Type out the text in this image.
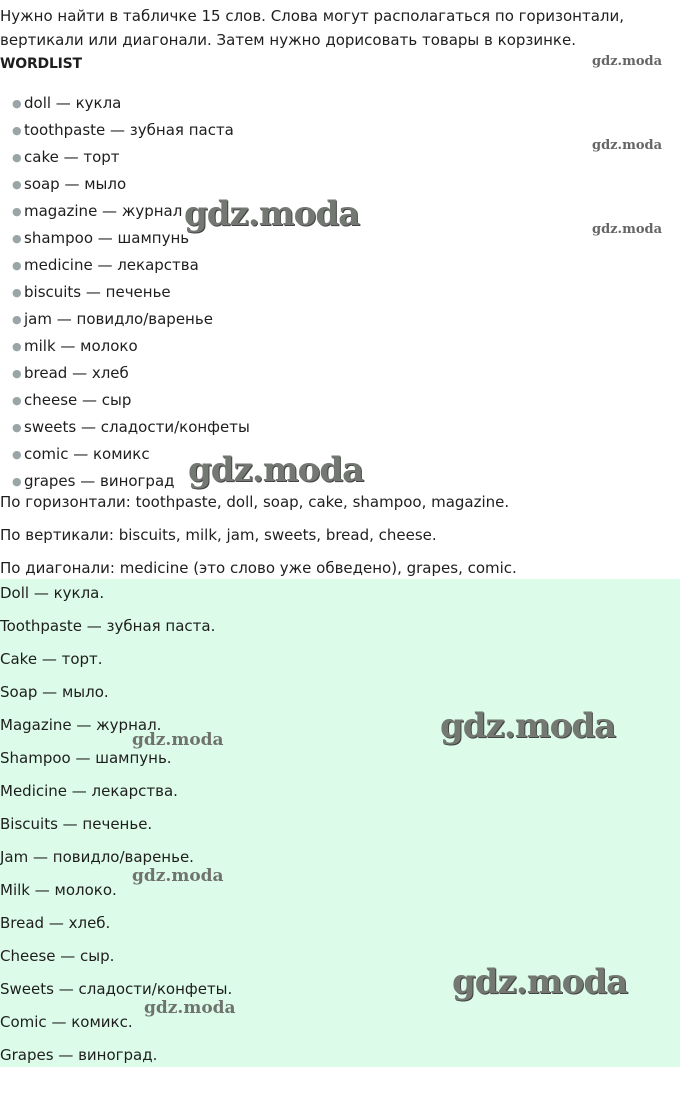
Нужно найти в табличке 15 слов. Слова могут располагаться по горизонтали, вертикали или диагонали. Затем нужно дорисовать товары в корзинке.
WORDLIST
● doll — кукла
● toothpaste — зубная паста
● cake — торт
● soap — мыло
● magazine — журнал
● shampoo — шампунь
● medicine — лекарства
● biscuits — печенье
● jam — повидло/варенье
● milk — молоко
● bread — хлеб
● cheese — сыр
● sweets — сладости/конфеты
● comic — комикс
● grapes — виноград
По горизонтали: toothpaste, doll, soap, cake, shampoo, magazine.
По вертикали: biscuits, milk, jam, sweets, bread, cheese.
По диагонали: medicine (это слово уже обведено), grapes, comic.
Doll — кукла.
Toothpaste — зубная паста.
Cake — торт.
Soap — мыло.
Magazine — журнал.
Shampoo — шампунь.
Medicine — лекарства.
Biscuits — печенье.
Jam — повидло/варенье.
Milk — молоко.
Bread — хлеб.
Cheese — сыр.
Sweets — сладости/конфеты.
Comic — комикс.
Grapes — виноград.
gdz.moda
gdz.moda
gdz.moda
gdz.moda
gdz.moda
gdz.moda
gdz.moda
gdz.moda
gdz.moda
gdz.moda
